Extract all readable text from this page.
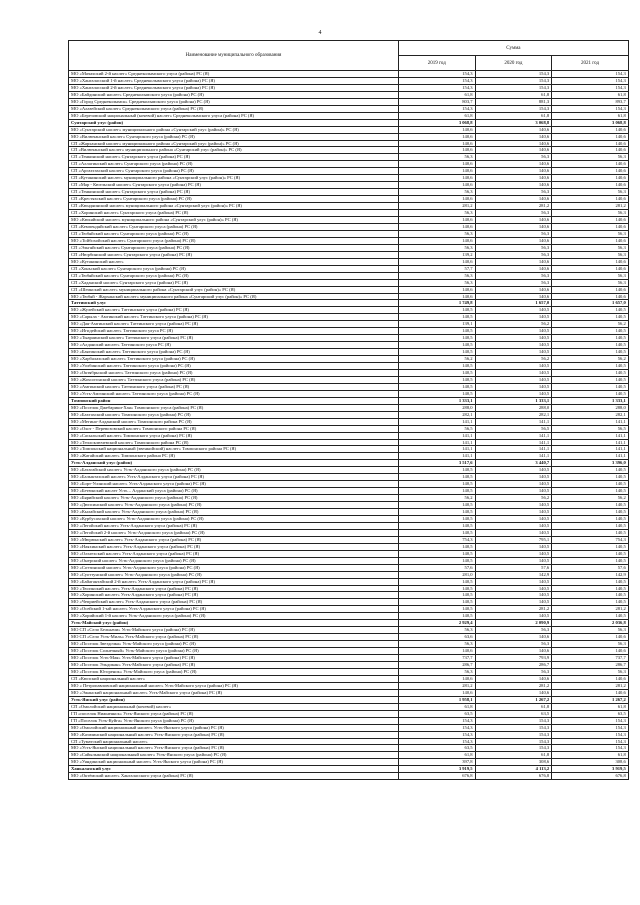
4
Наименование муниципального образования	Сумма		
	2019 год	2020 год	2021 год
МО «Мачахский 2-й наслег» Среднеколымского улуса (района) РС (Я)	154,3	154,3	154,3
МО «Хангаласский 1-й наслег» Среднеколымского улуса (района) РС (Я)	154,3	154,3	154,3
МО «Хангаласский 2-й наслег» Среднеколымского улуса (района) РС (Я)	154,3	154,3	154,3
МО «Байдинский наслег» Среднеколымского улуса (района) РС (Я)	61,8	61,8	61,8
МО «Город Среднеколымск» Среднеколымского улуса (района) РС (Я)	803,7	881,3	893,7
МО «Алазейский наслег» Среднеколымского улуса (района) РС (Я)	154,3	154,3	154,3
МО «Березовский национальный (кочевой) наслег» Среднеколымского улуса (района) РС (Я)	61,8	61,8	61,8
Сунтарский улус (район)	3 068,8	3 068,8	3 068,8
МО «Сунтарский наслег» муниципального района «Сунтарский улус (район)» РС (Я)	140,6	140,6	140,6
МО «Вилючанский наслег» Сунтарского улуса (района) РС (Я)	140,6	140,6	140,6
СП «Жарханский наслег» муниципального района «Сунтарский улус (район)» РС (Я)	140,6	140,6	140,6
СП «Вилючанский наслег» муниципального района «Сунтарский улус (район)» РС (Я)	140,6	140,6	140,6
СП «Тенкинский наслег» Сунтарского улуса (района) РС (Я)	56,3	56,3	56,3
СП «Аллагинский наслег» Сунтарского улуса (района) РС (Я)	140,6	140,6	140,6
СП «Аргахтахский наслег» Сунтарского улуса (района) РС (Я)	140,6	140,6	140,6
СП «Кутанинский наслег» муниципального района «Сунтарский улус (район)» РС (Я)	140,6	140,6	140,6
СП «Мар - Кюельский наслег» Сунтарского улуса (района) РС (Я)	140,6	140,6	140,6
СП «Тенкинский наслег» Сунтарского улуса (района) РС (Я)	56,3	56,3	56,3
СП «Крестяхский наслег» Сунтарского улуса (района) РС (Я)	140,6	140,6	140,6
СП «Кюндяинский наслег» муниципального района «Сунтарский улус (район)» РС (Я)	281,2	281,2	281,2
СП «Хоринский наслег» Сунтарского улуса (района) РС (Я)	56,3	56,3	56,3
МО «Кюкяйский наслег» муниципального района «Сунтарский улус (район)» РС (Я)	140,6	140,6	140,6
СП «Кемпендяйский наслег» Сунтарского улуса (района) РС (Я)	140,6	140,6	140,6
СП «Тюбяйский наслег» Сунтарского улуса (района) РС (Я)	56,3	56,3	56,3
МО «Тойбохойский наслег» Сунтарского улуса (района) РС (Я)	140,6	140,6	140,6
СП «Эльгяйский наслег» Сунтарского улуса (района) РС (Я)	56,3	56,3	56,3
СП «Нюрбинский наслег» Сунтарского улуса (района) РС (Я)	139,2	56,3	56,3
МО «Кутанинский наслег»	140,6	140,6	140,6
СП «Хоньский наслег» Сунтарского улуса (района) РС (Я)	57,7	140,6	140,6
СП «Тюбяйский наслег» Сунтарского улуса (района) РС (Я)	56,3	56,3	56,3
СП «Хаданский наслег» Сунтарского улуса (района) РС (Я)	56,3	56,3	56,3
СП «Шеинский наслег» муниципального района «Сунтарский улус (район)» РС (Я)	140,6	140,6	140,6
МО «Тюбяй - Жарханский наслег» муниципального района «Сунтарский улус (район)» РС (Я)	140,6	140,6	140,6
Таттинский улус	1 749,8	1 657,0	1 657,0
МО «Жулейский наслег» Таттинского улуса (района) РС (Я)	140,5	140,5	140,5
МО «Сарыла - Амгинский наслег» Таттинского улуса (района) РС (Я)	140,5	140,5	140,5
МО «Дая-Амгинский наслег» Таттинского улуса (района) РС (Я)	139,1	56,2	56,2
МО «Игидейский наслег» Таттинского улуса РС (Я)	140,5	140,5	140,5
МО «Тыараинский наслег» Таттинского улуса (района) РС (Я)	140,5	140,5	140,5
МО «Алданский наслег» Таттинского улуса РС (Я)	140,5	140,5	140,5
МО «Баягинский наслег» Таттинского улуса (района) РС (Я)	140,5	140,5	140,5
МО «Харбалахский наслег» Таттинского улуса (района) РС (Я)	56,2	56,2	56,2
МО «Уолбинский наслег» Таттинского улуса (района) РС (Я)	140,5	140,5	140,5
МО «Октябрьский наслег» Таттинского улуса (района) РС (Я)	140,5	140,5	140,5
МО «Жохсогонский наслег» Таттинского улуса (района) РС (Я)	140,5	140,5	140,5
МО «Амгинский наслег» Таттинского улуса (района) РС (Я)	140,5	140,5	140,5
МО «Усть-Амгинский наслег» Таттинского улуса (района) РС (Я)	140,5	140,5	140,5
Томпонский район	1 333,1	1 333,1	1 333,1
МО «Поселок Джебарики-Хая» Томпонского улуса (района) РС (Я)	288,0	288,0	288,0
МО «Бахтахский наслег» Томпонского улуса (района) РС (Я)	282,1	282,1	282,1
МО «Мегино-Алданский наслег» Томпонского района РС (Я)	141,1	141,1	141,1
МО «Охот - Перевозовский наслег» Томпонского района РС (Я)	56,5	56,5	56,5
МО «Сасыльский наслег» Томпонского улуса (района) РС (Я)	141,1	141,1	141,1
МО «Теплоключевский наслег» Томпонского района РС (Я)	141,1	141,1	141,1
МО «Томпонский национальный (эвенкийский) наслег» Томпонского района РС (Я)	141,1	141,1	141,1
МО «Жатайский наслег» Томпонского района РС (Я)	141,1	141,1	141,1
Усть-Алданский улус (район)	3 517,6	3 440,7	3 396,0
МО «Батагайский наслег» Усть-Алданского улуса (района) РС (Я)	140,5	140,5	140,5
МО «Балыктахский наслег» Усть-Алданского улуса (района) РС (Я)	140,5	140,5	140,5
МО «Борт-Усинский наслег» Усть-Алданского улуса (района) РС (Я)	140,5	140,5	140,5
МО «Бетюнский наслег Усть – Алданский улуса (района) РС (Я)	140,5	140,5	140,5
МО «Бярийский наслег» Усть-Алданского улуса (района) РС (Я)	56,2	56,2	56,2
МО «Дюпсинский наслег» Усть-Алданского улуса (района) РС (Я)	140,5	140,5	140,5
МО «Кылайский наслег» Усть-Алданского улуса (района) РС (Я)	140,5	140,5	140,5
МО «Курбусахский наслег» Усть-Алданского улуса (района) РС (Я)	140,5	140,5	140,5
МО «Легойский наслег» Усть-Алданского улуса (района) РС (Я)	140,5	140,5	140,5
МО «Легойский 2-й наслег» Усть-Алданского улуса (района) РС (Я)	140,5	140,5	140,5
МО «Мюрюнский наслег» Усть-Алданского улуса (района) РС (Я)	754,3	795,1	754,3
МО «Наяхинский наслег» Усть-Алданского улуса (района) РС (Я)	140,5	140,5	140,5
МО «Ольтехский наслег» Усть-Алданского улуса (района) РС (Я)	140,5	140,5	140,5
МО «Онерский наслег» Усть-Алданского улуса (района) РС (Я)	140,5	140,5	140,5
МО «Соттинский наслег» Усть-Алданского улуса (района) РС (Я)	57,6	57,6	57,6
МО «Суоттунский наслег» Усть-Алданского улуса (района) РС (Я)	281,0	142,9	142,9
МО «Байагантайский 2-й наслег» Усть-Алданского улуса (района) РС (Я)	140,5	140,5	140,5
МО «Тюлэнский наслег» Усть-Алданского улуса (района) РС (Я)	140,5	140,5	140,5
МО «Хоринский наслег» Усть-Алданского улуса (района) РС (Я)	140,5	140,5	140,5
МО «Чеприейский наслег» Усть-Алданского улуса (района) РС (Я)	140,5	140,5	140,5
МО «Осейский 1-ый наслег» Усть-Алданского улуса (района) РС (Я)	140,5	281,2	281,2
МО «Хорийский 1-й наслег» Усть-Алданского улуса (района) РС (Я)	140,5	140,5	140,5
Усть-Майский улус (район)	2 929,4	2 090,9	2 036,8
МО СП «Село Белькачи» Усть-Майского улуса (района) РС (Я)	56,3	56,3	56,3
МО СП «Село Усть-Миль» Усть-Майского улуса (района) РС (Я)	63,6	140,6	140,6
МО «Поселок Звездочка» Усть-Майского улуса (района) РС (Я)	56,3	56,3	56,3
МО «Поселок Солнечный» Усть-Майского улуса (района) РС (Я)	140,6	140,6	140,6
МО «Поселок Усть-Мая» Усть-Майского улуса (района) РС (Я)	737,7	793,9	737,7
МО «Поселок Эльдикан» Усть-Майского улуса (района) РС (Я)	286,7	286,7	286,7
МО «Поселок Югоренок» Усть-Майского улуса (района) РС (Я)	56,3	56,3	56,3
СП «Кюпский национальный наслег»	140,6	140,6	140,6
МО « Петропавловский национальный наслег» Усть-Майского улуса (района) РС (Я)	281,2	281,2	281,2
МО «Эжанский национальный наслег» Усть-Майского улуса (района) РС (Я)	140,6	140,6	140,6
Усть-Янский улус (район)	1 958,1	1 267,2	1 267,2
СП «Омолойский национальный (кочевой) наслег»	61,8	61,8	61,8
ГП «поселок Нижнеянск» Усть-Янского улуса (района) РС (Я)	63,5	63,5	63,5
ГП «Поселок Усть-Куйга» Усть-Янского улуса (района) РС (Я)	154,3	154,3	154,3
МО «Омолойский национальный наслег» Усть-Янского улуса (района) РС (Я)	154,3	154,3	154,3
МО «Казачинский национальный наслег» Усть-Янского улуса (района) РС (Я)	154,3	154,3	154,3
СП «Туматский национальный наслег»	154,3	154,3	154,3
МО «Усть-Янский национальный наслег» Усть-Янского улуса (района) РС (Я)	63,5	154,3	154,3
МО «Сайылыкский национальный наслег» Усть-Янского улуса (района) РС (Я)	61,8	61,8	61,8
МО «Уяндинский национальный наслег» Усть-Янского улуса (района) РС (Я)	397,8	308,6	308,6
Ханкалазский улус	3 919,5	4 113,2	3 919,5
МО «Октёмский наслег» Хангаласского улуса (района) РС (Я)	676,8	676,8	676,8
